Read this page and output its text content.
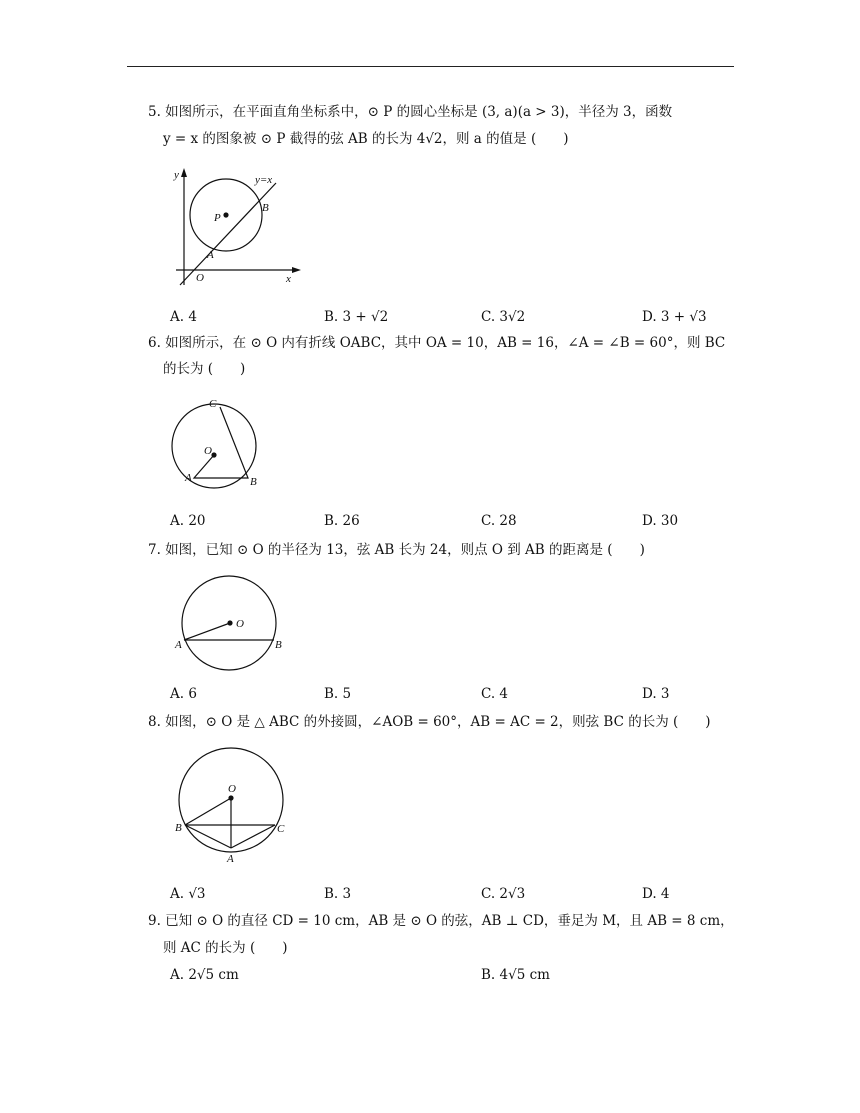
5. 如图所示，在平面直角坐标系中，⊙ P 的圆心坐标是 (3, a)(a > 3)，半径为 3，函数
y = x 的图象被 ⊙ P 截得的弦 AB 的长为 4√2，则 a 的值是 (　　)
y
x
O
P
A
B
y=x
A. 4	B. 3 + √2	C. 3√2	D. 3 + √3
6. 如图所示，在 ⊙ O 内有折线 OABC，其中 OA = 10，AB = 16，∠A = ∠B = 60°，则 BC
的长为 (　　)
C
O
A	B
A. 20	B. 26	C. 28	D. 30
7. 如图，已知 ⊙ O 的半径为 13，弦 AB 长为 24，则点 O 到 AB 的距离是 (　　)
O
A	B
A. 6	B. 5	C. 4	D. 3
8. 如图，⊙ O 是 △ ABC 的外接圆，∠AOB = 60°，AB = AC = 2，则弦 BC 的长为 (　　)
O
B	C
A
A. √3	B. 3	C. 2√3	D. 4
9. 已知 ⊙ O 的直径 CD = 10 cm，AB 是 ⊙ O 的弦，AB ⊥ CD，垂足为 M，且 AB = 8 cm，
则 AC 的长为 (　　)
A. 2√5 cm	B. 4√5 cm
